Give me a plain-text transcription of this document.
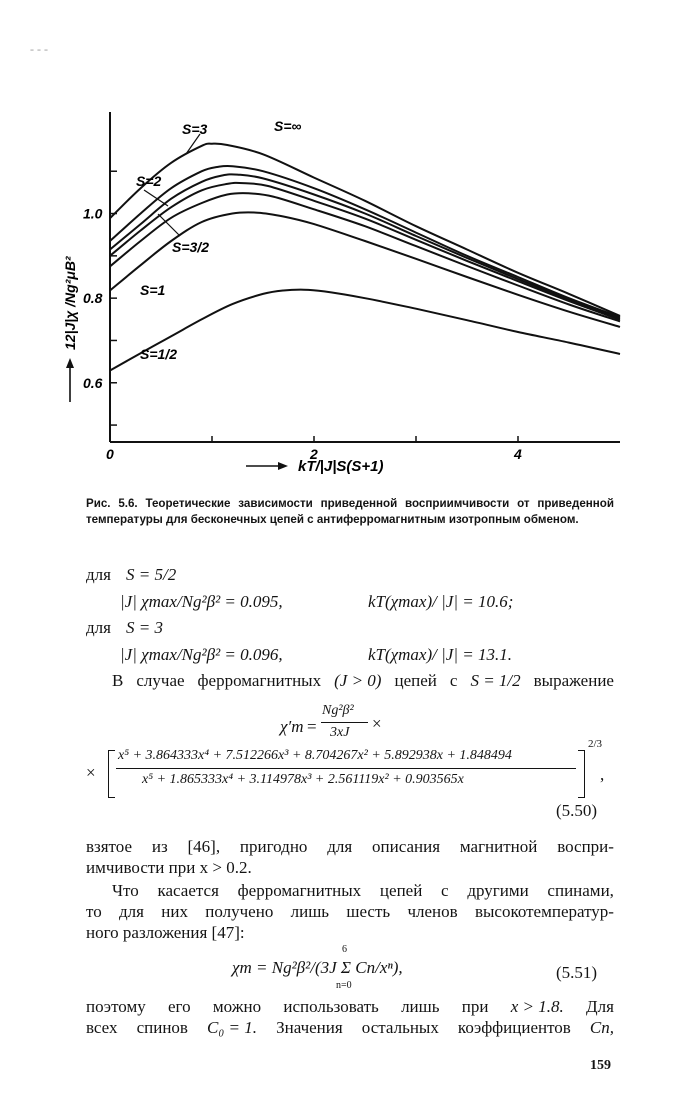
- - -
0	2	4
0.6
0.8
1.0
S=∞
S=3
S=2
S=3/2
S=1
S=1/2
12|J|χ /Ng²μB²
kT/|J|S(S+1)
Рис. 5.6. Теоретические зависимости приведенной восприимчивости от приведенной температуры для бесконечных цепей с антиферромагнитным изотропным обменом.
для S = 5/2
|J| χmax/Ng²β² = 0.095,	kT(χmax)/ |J| = 10.6;
для S = 3
|J| χmax/Ng²β² = 0.096,	kT(χmax)/ |J| = 13.1.
В случае ферромагнитных (J > 0) цепей с S = 1/2 выражение
χ′m =
Ng²β²
3xJ ×
×
x⁵ + 3.864333x⁴ + 7.512266x³ + 8.704267x² + 5.892938x + 1.848494
x⁵ + 1.865333x⁴ + 3.114978x³ + 2.561119x² + 0.903565x
2/3
,
(5.50)
взятое из [46], пригодно для описания магнитной воспри-
имчивости при x > 0.2.
Что касается ферромагнитных цепей с другими спинами,
то для них получено лишь шесть членов высокотемператур-
ного разложения [47]:
6
χm = Ng²β²/(3J Σ Cn/xⁿ),
n=0
(5.51)
поэтому его можно использовать лишь при x > 1.8. Для
всех спинов C₀ = 1. Значения остальных коэффициентов Cn,
159
